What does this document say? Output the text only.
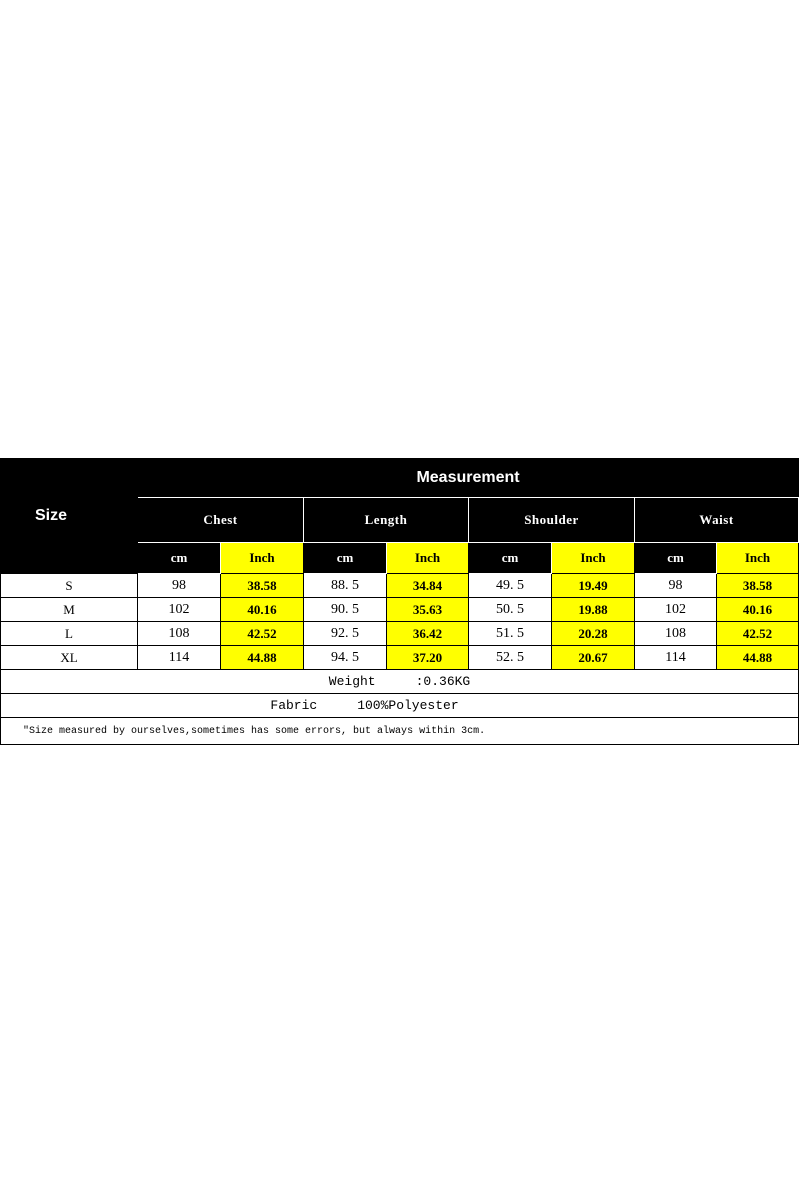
Size	Measurement							
	Chest		Length		Shoulder		Waist	
	cm	Inch	cm	Inch	cm	Inch	cm	Inch
S	98	38.58	88. 5	34.84	49. 5	19.49	98	38.58
M	102	40.16	90. 5	35.63	50. 5	19.88	102	40.16
L	108	42.52	92. 5	36.42	51. 5	20.28	108	42.52
XL	114	44.88	94. 5	37.20	52. 5	20.67	114	44.88
Weight :0.36KG								
Fabric 100%Polyester								
"Size measured by ourselves,sometimes has some errors, but always within 3cm.								
